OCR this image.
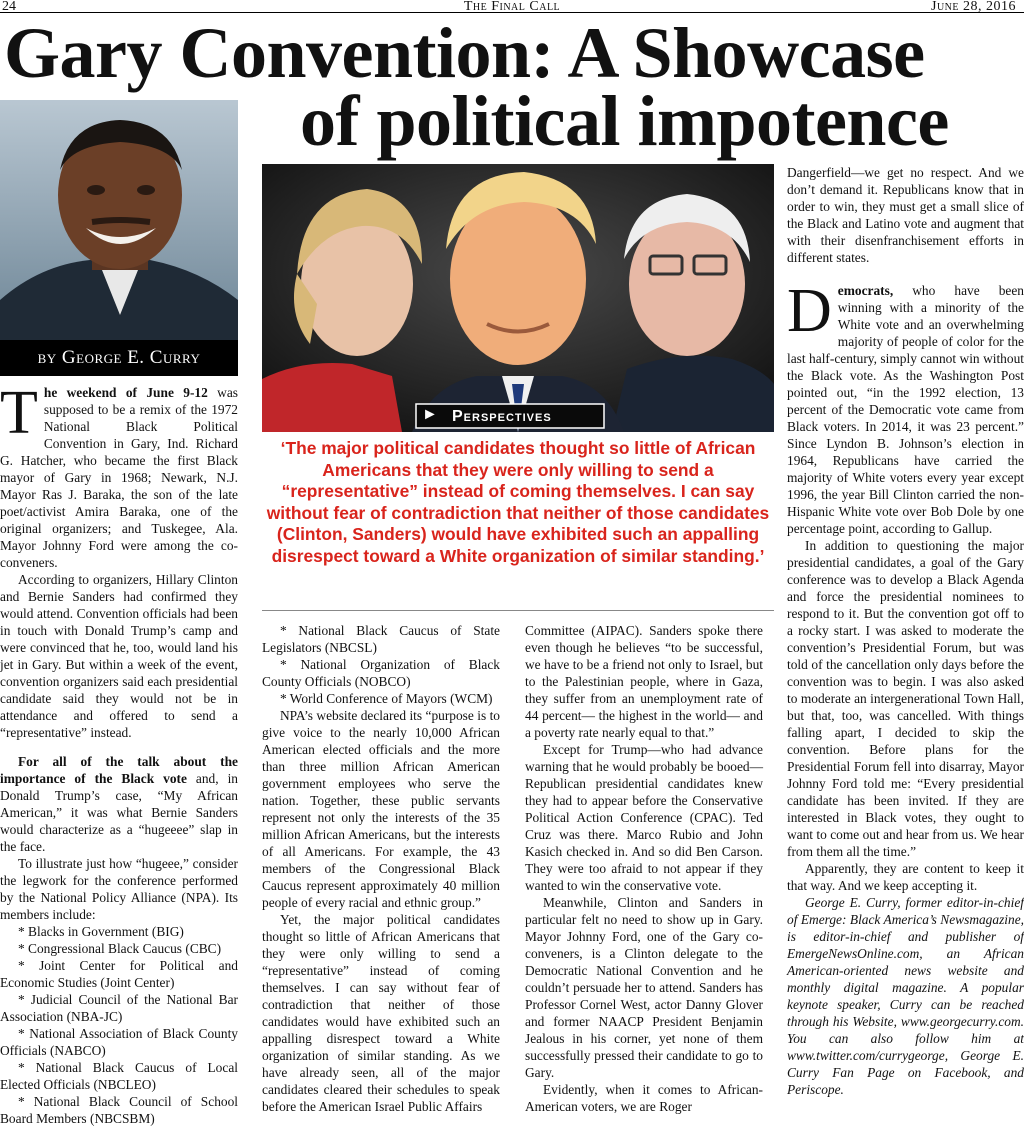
24	The Final Call	June 28, 2016
Gary Convention: A Showcase
of political impotence
by George E. Curry

The weekend of June 9-12 was supposed to be a remix of the 1972 National Black Political Convention in Gary, Ind. Richard G. Hatcher, who became the first Black mayor of Gary in 1968; Newark, N.J. Mayor Ras J. Baraka, the son of the late poet/activist Amira Baraka, one of the original organizers; and Tuskegee, Ala. Mayor Johnny Ford were among the co-conveners.

According to organizers, Hillary Clinton and Bernie Sanders had confirmed they would attend. Convention officials had been in touch with Donald Trump’s camp and were convinced that he, too, would land his jet in Gary. But within a week of the event, convention organizers said each presidential candidate said they would not be in attendance and offered to send a “representative” instead.

For all of the talk about the importance of the Black vote and, in Donald Trump’s case, “My African American,” it was what Bernie Sanders would characterize as a “hugeeee” slap in the face.

To illustrate just how “hugeee,” consider the legwork for the conference performed by the National Policy Alliance (NPA). Its members include:

* Blacks in Government (BIG)

* Congressional Black Caucus (CBC)

* Joint Center for Political and Economic Studies (Joint Center)

* Judicial Council of the National Bar Association (NBA-JC)

* National Association of Black County Officials (NABCO)

* National Black Caucus of Local Elected Officials (NBCLEO)

* National Black Council of School Board Members (NBCSBM)

Perspectives
►
‘The major political candidates thought so little of African Americans that they were only willing to send a “representative” instead of coming themselves. I can say without fear of contradiction that neither of those candidates (Clinton, Sanders) would have exhibited such an appalling disrespect toward a White organization of similar standing.’

* National Black Caucus of State Legislators (NBCSL)

* National Organization of Black County Officials (NOBCO)

* World Conference of Mayors (WCM)

NPA’s website declared its “purpose is to give voice to the nearly 10,000 African American elected officials and the more than three million African American government employees who serve the nation. Together, these public servants represent not only the interests of the 35 million African Americans, but the interests of all Americans. For example, the 43 members of the Congressional Black Caucus represent approximately 40 million people of every racial and ethnic group.”

Yet, the major political candidates thought so little of African Americans that they were only willing to send a “representative” instead of coming themselves. I can say without fear of contradiction that neither of those candidates would have exhibited such an appalling disrespect toward a White organization of similar standing. As we have already seen, all of the major candidates cleared their schedules to speak before the American Israel Public Affairs

Committee (AIPAC). Sanders spoke there even though he believes “to be successful, we have to be a friend not only to Israel, but to the Palestinian people, where in Gaza, they suffer from an unemployment rate of 44 percent— the highest in the world— and a poverty rate nearly equal to that.”

Except for Trump—who had advance warning that he would probably be booed—Republican presidential candidates knew they had to appear before the Conservative Political Action Conference (CPAC). Ted Cruz was there. Marco Rubio and John Kasich checked in. And so did Ben Carson. They were too afraid to not appear if they wanted to win the conservative vote.

Meanwhile, Clinton and Sanders in particular felt no need to show up in Gary. Mayor Johnny Ford, one of the Gary co-conveners, is a Clinton delegate to the Democratic National Convention and he couldn’t persuade her to attend. Sanders has Professor Cornel West, actor Danny Glover and former NAACP President Benjamin Jealous in his corner, yet none of them successfully pressed their candidate to go to Gary.

Evidently, when it comes to African-American voters, we are Roger

Dangerfield—we get no respect. And we don’t demand it. Republicans know that in order to win, they must get a small slice of the Black and Latino vote and augment that with their disenfranchisement efforts in different states.

Democrats, who have been winning with a minority of the White vote and an overwhelming majority of people of color for the last half-century, simply cannot win without the Black vote. As the Washington Post pointed out, “in the 1992 election, 13 percent of the Democratic vote came from Black voters. In 2014, it was 23 percent.” Since Lyndon B. Johnson’s election in 1964, Republicans have carried the majority of White voters every year except 1996, the year Bill Clinton carried the non-Hispanic White vote over Bob Dole by one percentage point, according to Gallup.

In addition to questioning the major presidential candidates, a goal of the Gary conference was to develop a Black Agenda and force the presidential nominees to respond to it. But the convention got off to a rocky start. I was asked to moderate the convention’s Presidential Forum, but was told of the cancellation only days before the convention was to begin. I was also asked to moderate an intergenerational Town Hall, but that, too, was cancelled. With things falling apart, I decided to skip the convention. Before plans for the Presidential Forum fell into disarray, Mayor Johnny Ford told me: “Every presidential candidate has been invited. If they are interested in Black votes, they ought to want to come out and hear from us. We hear from them all the time.”

Apparently, they are content to keep it that way. And we keep accepting it.

George E. Curry, former editor-in-chief of Emerge: Black America’s Newsmagazine, is editor-in-chief and publisher of EmergeNewsOnline.com, an African American-oriented news website and monthly digital magazine. A popular keynote speaker, Curry can be reached through his Website, www.georgecurry.com. You can also follow him at www.twitter.com/currygeorge, George E. Curry Fan Page on Facebook, and Periscope.
